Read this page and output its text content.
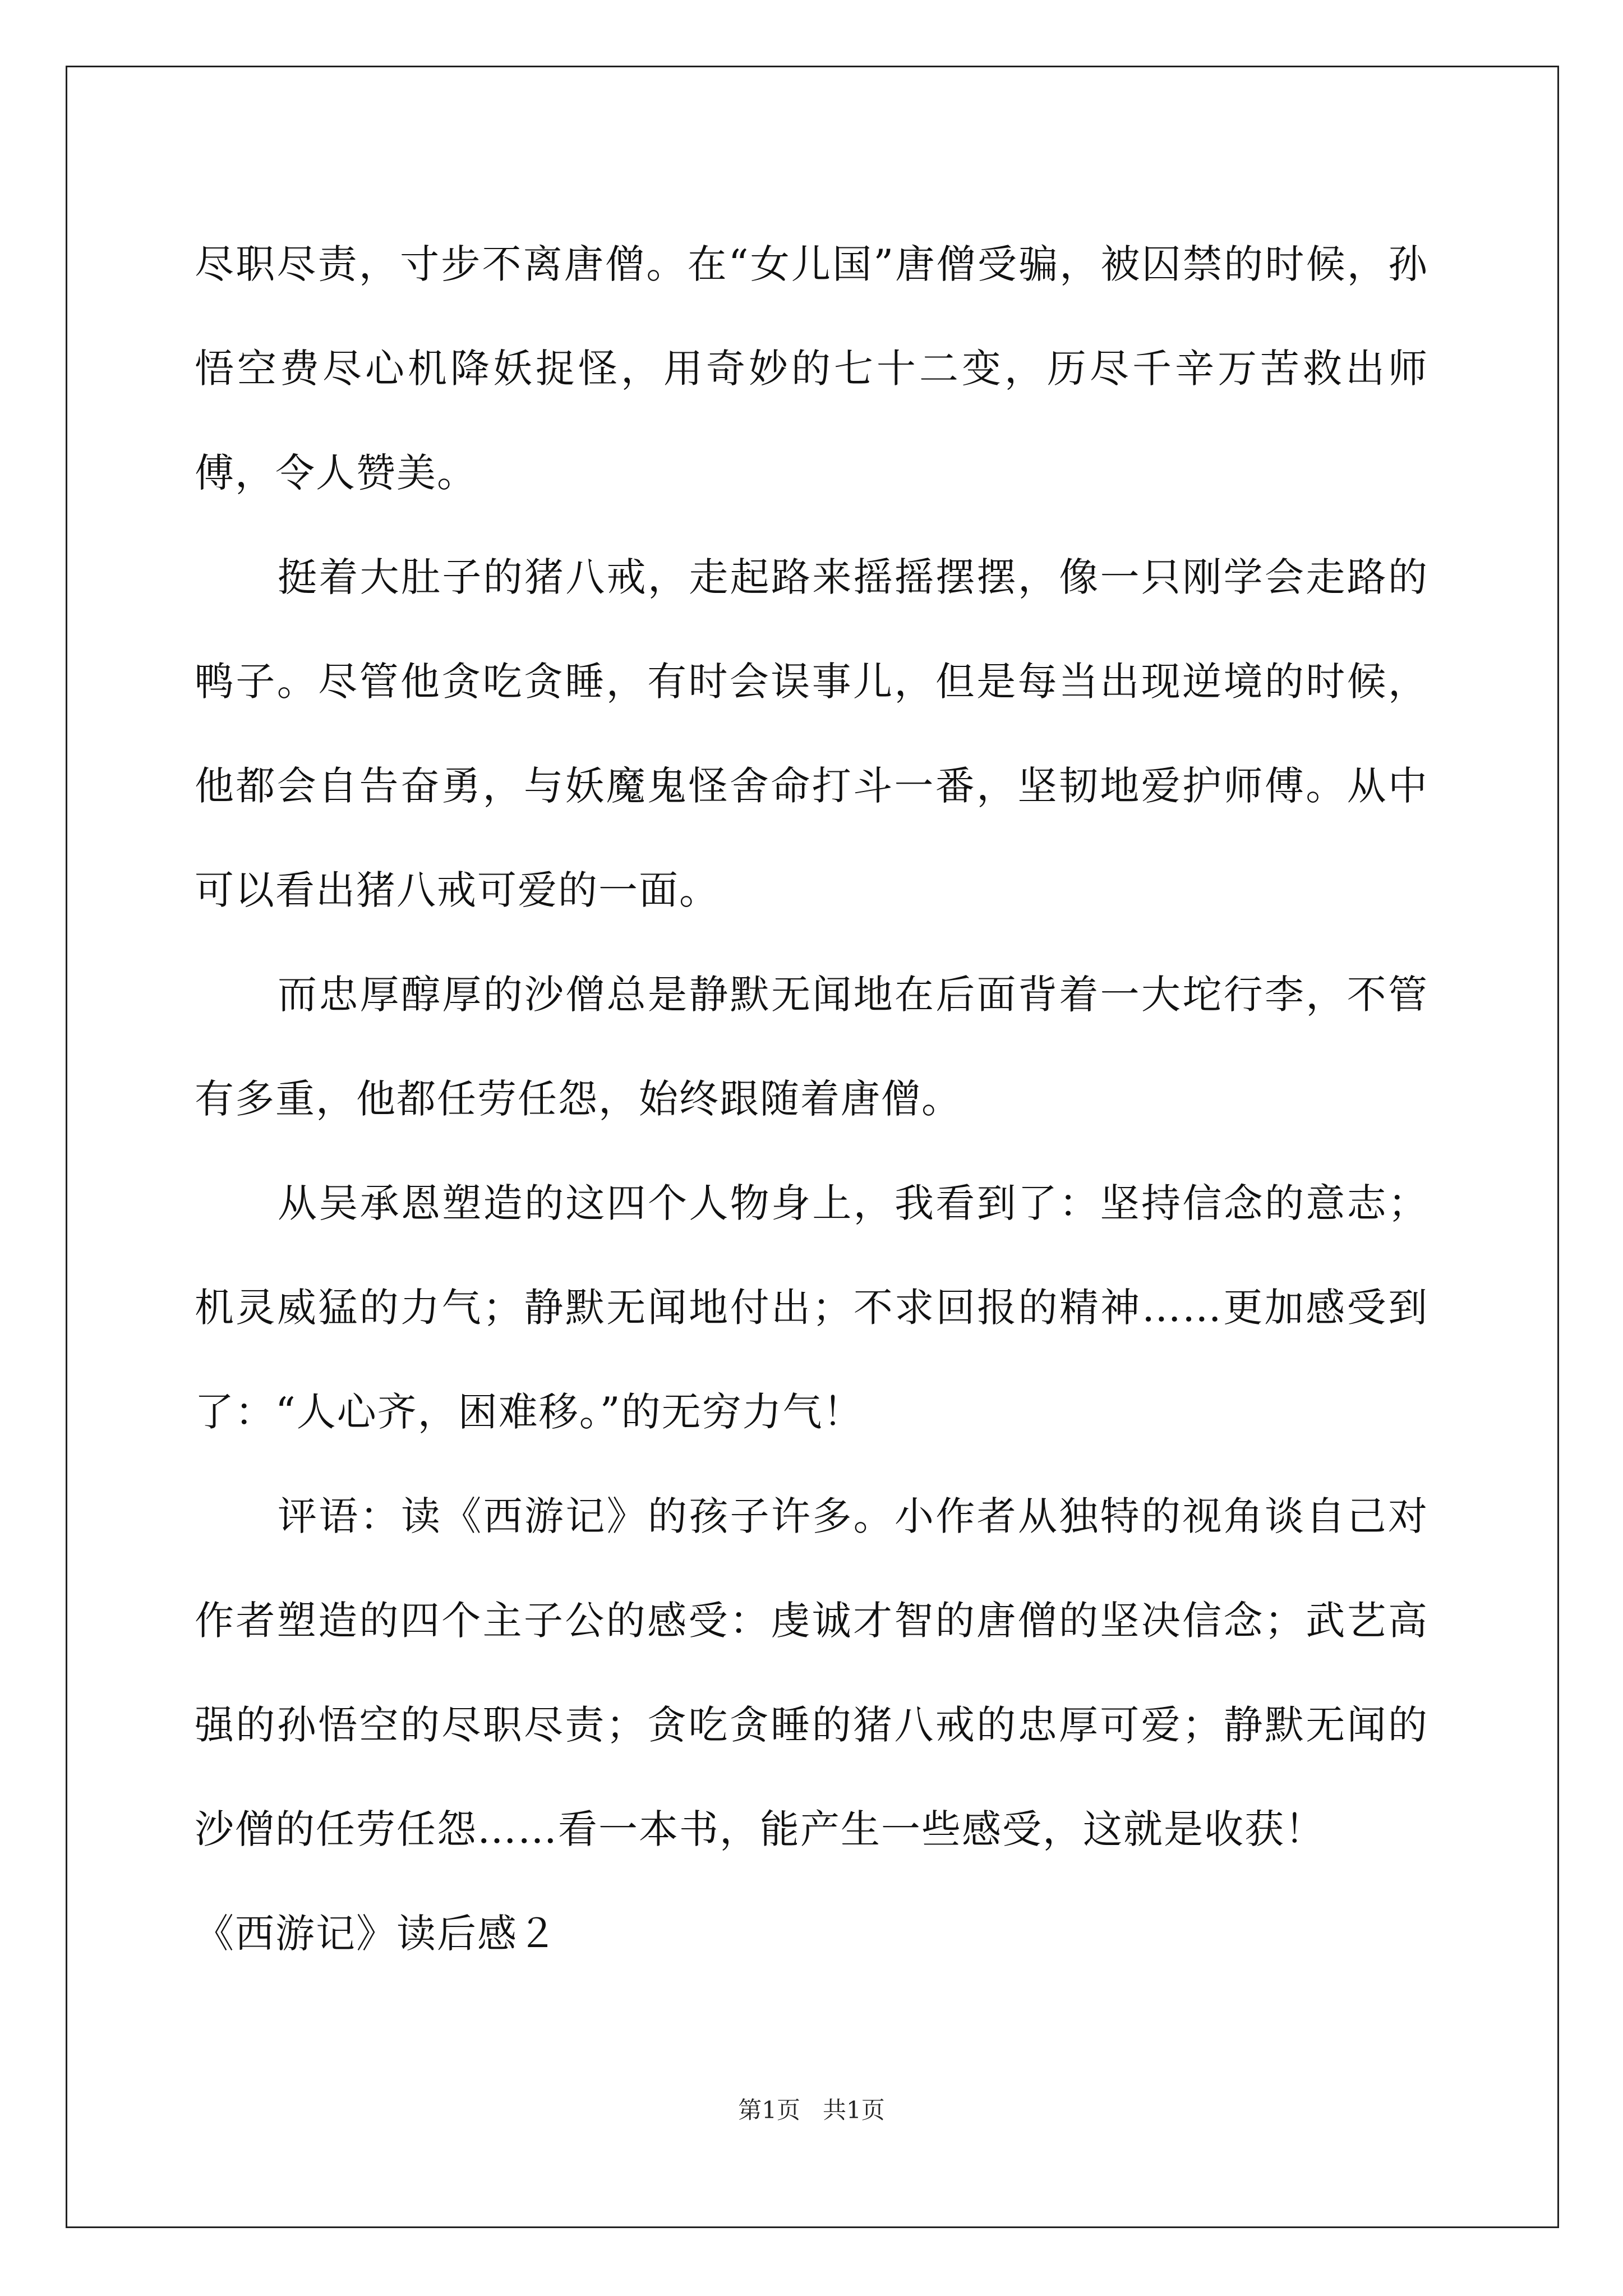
尽职尽责，寸步不离唐僧。在“女儿国”唐僧受骗，被囚禁的时候，孙悟空费尽心机降妖捉怪，用奇妙的七十二变，历尽千辛万苦救出师傅，令人赞美。

挺着大肚子的猪八戒，走起路来摇摇摆摆，像一只刚学会走路的鸭子。尽管他贪吃贪睡，有时会误事儿，但是每当出现逆境的时候，他都会自告奋勇，与妖魔鬼怪舍命打斗一番，坚韧地爱护师傅。从中可以看出猪八戒可爱的一面。

而忠厚醇厚的沙僧总是静默无闻地在后面背着一大坨行李，不管有多重，他都任劳任怨，始终跟随着唐僧。

从吴承恩塑造的这四个人物身上，我看到了：坚持信念的意志；机灵威猛的力气；静默无闻地付出；不求回报的精神……更加感受到了：“人心齐，困难移。”的无穷力气！

评语：读《西游记》的孩子许多。小作者从独特的视角谈自己对作者塑造的四个主子公的感受：虔诚才智的唐僧的坚决信念；武艺高强的孙悟空的尽职尽责；贪吃贪睡的猪八戒的忠厚可爱；静默无闻的沙僧的任劳任怨……看一本书，能产生一些感受，这就是收获！

《西游记》读后感２

第1页 共1页
